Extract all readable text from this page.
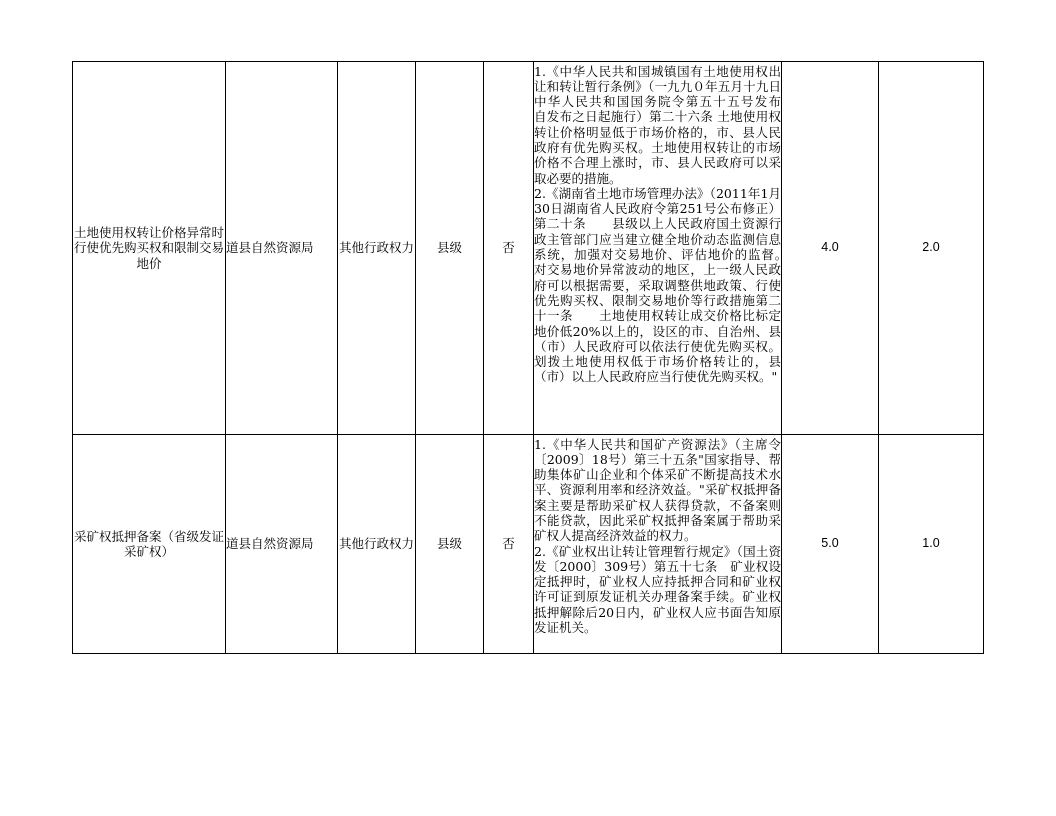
土地使用权转让价格异常时行使优先购买权和限制交易地价	道县自然资源局	其他行政权力	县级	否	1.《中华人民共和国城镇国有土地使用权出让和转让暂行条例》（一九九０年五月十九日中华人民共和国国务院令第五十五号发布　自发布之日起施行）第二十六条 土地使用权转让价格明显低于市场价格的，市、县人民政府有优先购买权。土地使用权转让的市场价格不合理上涨时，市、县人民政府可以采取必要的措施。
2.《湖南省土地市场管理办法》（2011年1月30日湖南省人民政府令第251号公布修正）第二十条　　县级以上人民政府国土资源行政主管部门应当建立健全地价动态监测信息系统，加强对交易地价、评估地价的监督。　　对交易地价异常波动的地区，上一级人民政府可以根据需要，采取调整供地政策、行使优先购买权、限制交易地价等行政措施第二十一条　　土地使用权转让成交价格比标定地价低20%以上的，设区的市、自治州、县（市）人民政府可以依法行使优先购买权。划拨土地使用权低于市场价格转让的，县（市）以上人民政府应当行使优先购买权。"	4.0	2.0
采矿权抵押备案（省级发证采矿权）	道县自然资源局	其他行政权力	县级	否	1.《中华人民共和国矿产资源法》（主席令〔2009〕18号）第三十五条"国家指导、帮助集体矿山企业和个体采矿不断提高技术水平、资源利用率和经济效益。"采矿权抵押备案主要是帮助采矿权人获得贷款，不备案则不能贷款，因此采矿权抵押备案属于帮助采矿权人提高经济效益的权力。
2.《矿业权出让转让管理暂行规定》（国土资发〔2000〕309号）第五十七条　矿业权设定抵押时，矿业权人应持抵押合同和矿业权许可证到原发证机关办理备案手续。矿业权抵押解除后20日内，矿业权人应书面告知原发证机关。	5.0	1.0
